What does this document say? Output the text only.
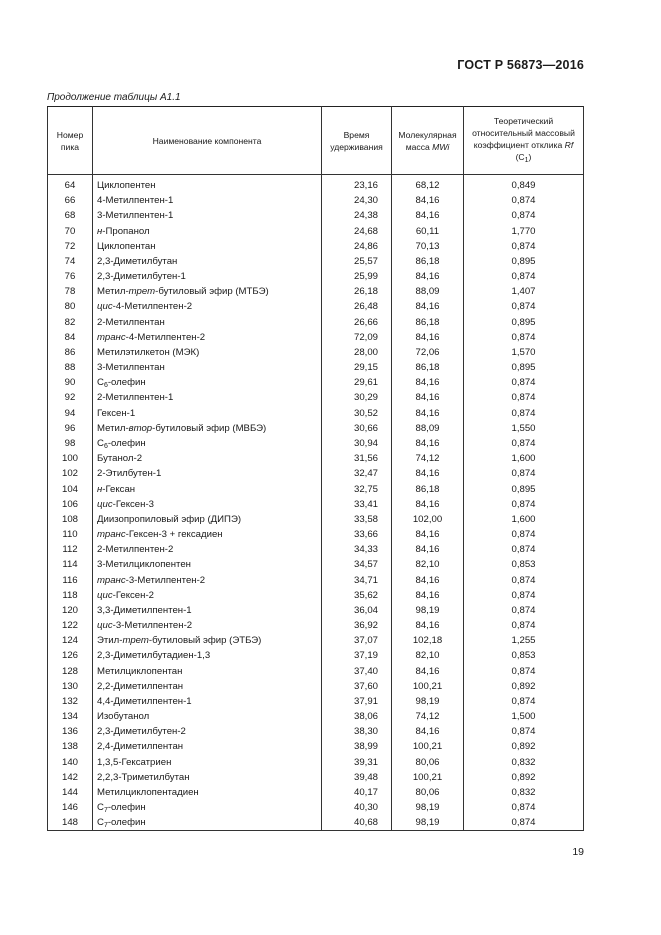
ГОСТ Р 56873—2016
Продолжение таблицы А1.1
Номер пика	Наименование компонента	Время удерживания	Молекулярная масса MWi	Теоретический относительный массовый коэффициент отклика Rf $(C_1)$
64	Циклопентен	23,16	68,12	0,849
66	4-Метилпентен-1	24,30	84,16	0,874
68	3-Метилпентен-1	24,38	84,16	0,874
70	н-Пропанол	24,68	60,11	1,770
72	Циклопентан	24,86	70,13	0,874
74	2,3-Диметилбутан	25,57	86,18	0,895
76	2,3-Диметилбутен-1	25,99	84,16	0,874
78	Метил-трет-бутиловый эфир (МТБЭ)	26,18	88,09	1,407
80	цис-4-Метилпентен-2	26,48	84,16	0,874
82	2-Метилпентан	26,66	86,18	0,895
84	транс-4-Метилпентен-2	72,09	84,16	0,874
86	Метилэтилкетон (МЭК)	28,00	72,06	1,570
88	3-Метилпентан	29,15	86,18	0,895
90	$C_6$-олефин	29,61	84,16	0,874
92	2-Метилпентен-1	30,29	84,16	0,874
94	Гексен-1	30,52	84,16	0,874
96	Метил-втор-бутиловый эфир (МВБЭ)	30,66	88,09	1,550
98	$C_6$-олефин	30,94	84,16	0,874
100	Бутанол-2	31,56	74,12	1,600
102	2-Этилбутен-1	32,47	84,16	0,874
104	н-Гексан	32,75	86,18	0,895
106	цис-Гексен-3	33,41	84,16	0,874
108	Диизопропиловый эфир (ДИПЭ)	33,58	102,00	1,600
110	транс-Гексен-3 + гексадиен	33,66	84,16	0,874
112	2-Метилпентен-2	34,33	84,16	0,874
114	3-Метилциклопентен	34,57	82,10	0,853
116	транс-3-Метилпентен-2	34,71	84,16	0,874
118	цис-Гексен-2	35,62	84,16	0,874
120	3,3-Диметилпентен-1	36,04	98,19	0,874
122	цис-3-Метилпентен-2	36,92	84,16	0,874
124	Этил-трет-бутиловый эфир (ЭТБЭ)	37,07	102,18	1,255
126	2,3-Диметилбутадиен-1,3	37,19	82,10	0,853
128	Метилциклопентан	37,40	84,16	0,874
130	2,2-Диметилпентан	37,60	100,21	0,892
132	4,4-Диметилпентен-1	37,91	98,19	0,874
134	Изобутанол	38,06	74,12	1,500
136	2,3-Диметилбутен-2	38,30	84,16	0,874
138	2,4-Диметилпентан	38,99	100,21	0,892
140	1,3,5-Гексатриен	39,31	80,06	0,832
142	2,2,3-Триметилбутан	39,48	100,21	0,892
144	Метилциклопентадиен	40,17	80,06	0,832
146	$C_7$-олефин	40,30	98,19	0,874
148	$C_7$-олефин	40,68	98,19	0,874
19
